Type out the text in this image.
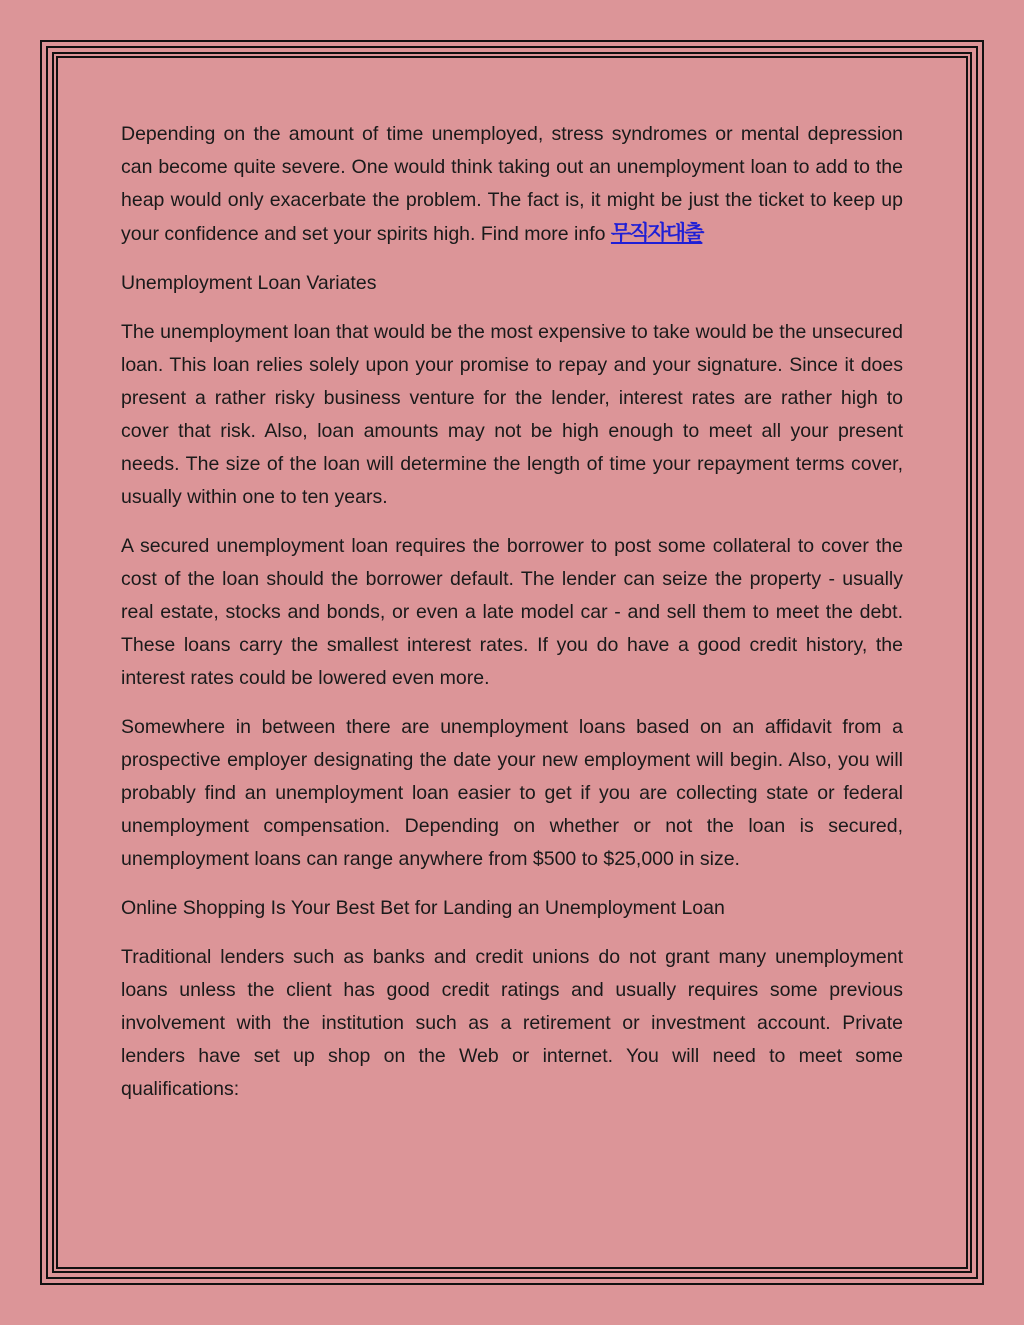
Depending on the amount of time unemployed, stress syndromes or mental depression can become quite severe. One would think taking out an unemployment loan to add to the heap would only exacerbate the problem. The fact is, it might be just the ticket to keep up your confidence and set your spirits high. Find more info 무직자대출

Unemployment Loan Variates

The unemployment loan that would be the most expensive to take would be the unsecured loan. This loan relies solely upon your promise to repay and your signature. Since it does present a rather risky business venture for the lender, interest rates are rather high to cover that risk. Also, loan amounts may not be high enough to meet all your present needs. The size of the loan will determine the length of time your repayment terms cover, usually within one to ten years.

A secured unemployment loan requires the borrower to post some collateral to cover the cost of the loan should the borrower default. The lender can seize the property - usually real estate, stocks and bonds, or even a late model car - and sell them to meet the debt. These loans carry the smallest interest rates. If you do have a good credit history, the interest rates could be lowered even more.

Somewhere in between there are unemployment loans based on an affidavit from a prospective employer designating the date your new employment will begin. Also, you will probably find an unemployment loan easier to get if you are collecting state or federal unemployment compensation. Depending on whether or not the loan is secured, unemployment loans can range anywhere from $500 to $25,000 in size.

Online Shopping Is Your Best Bet for Landing an Unemployment Loan

Traditional lenders such as banks and credit unions do not grant many unemployment loans unless the client has good credit ratings and usually requires some previous involvement with the institution such as a retirement or investment account. Private lenders have set up shop on the Web or internet. You will need to meet some qualifications:
